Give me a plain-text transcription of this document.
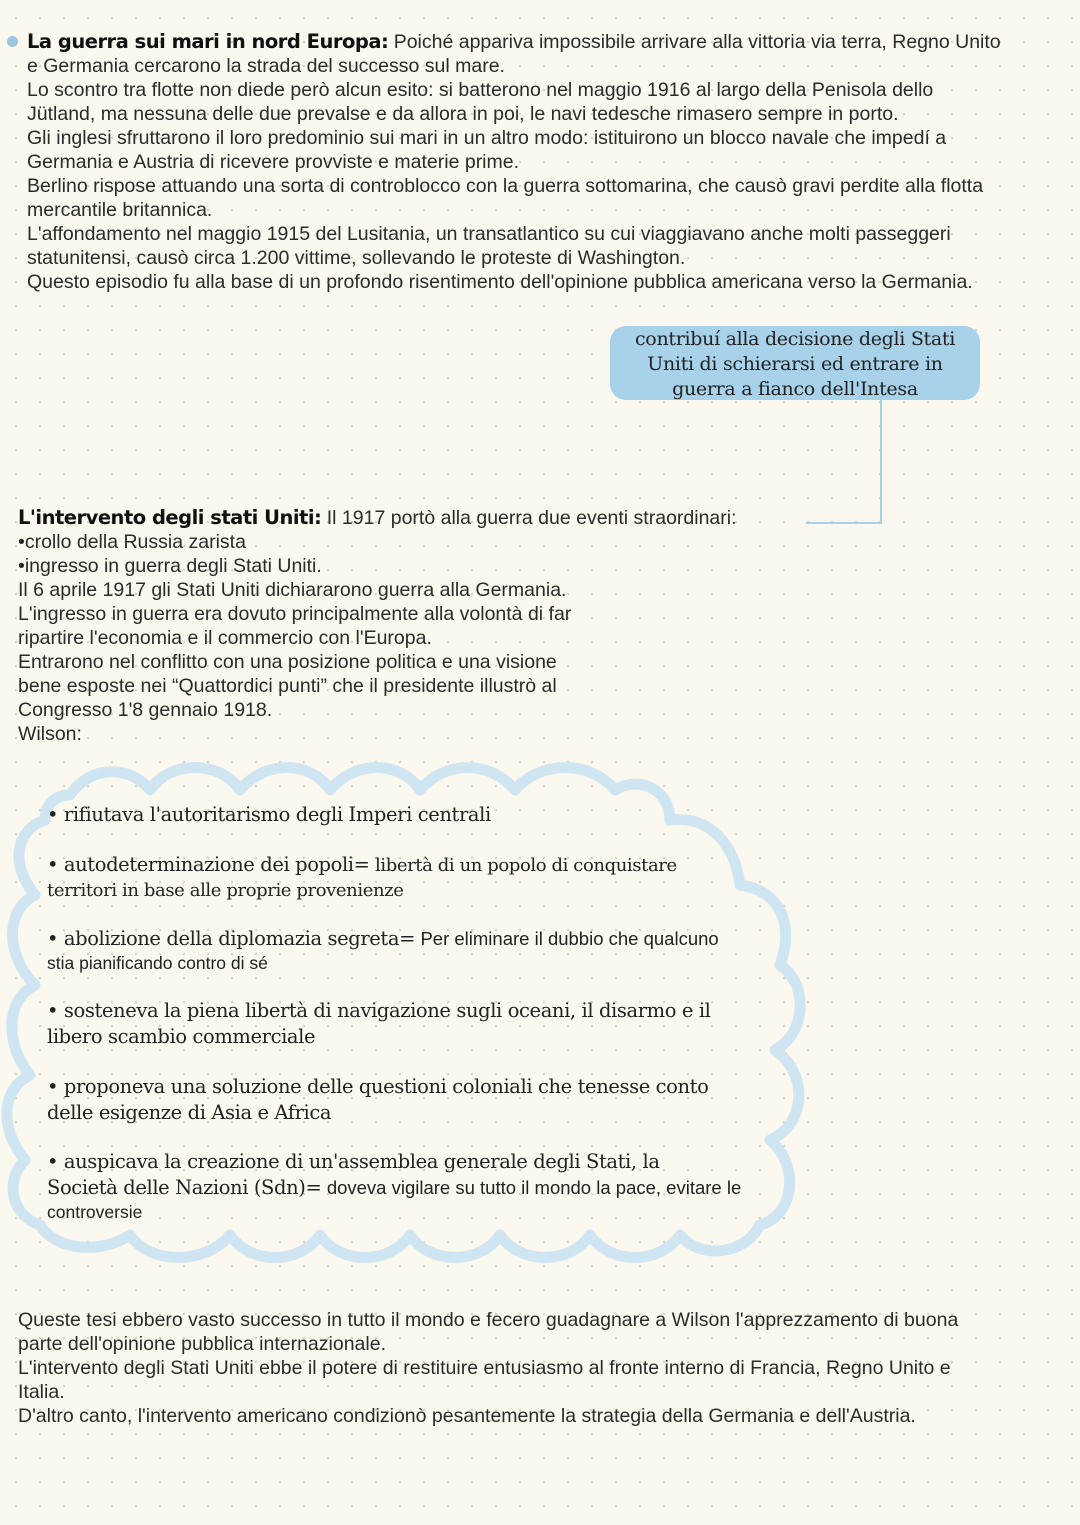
La guerra sui mari in nord Europa: Poiché appariva impossibile arrivare alla vittoria via terra, Regno Unito
e Germania cercarono la strada del successo sul mare.
Lo scontro tra flotte non diede però alcun esito: si batterono nel maggio 1916 al largo della Penisola dello
Jütland, ma nessuna delle due prevalse e da allora in poi, le navi tedesche rimasero sempre in porto.
Gli inglesi sfruttarono il loro predominio sui mari in un altro modo: istituirono un blocco navale che impedí a
Germania e Austria di ricevere provviste e materie prime.
Berlino rispose attuando una sorta di controblocco con la guerra sottomarina, che causò gravi perdite alla flotta
mercantile britannica.
L'affondamento nel maggio 1915 del Lusitania, un transatlantico su cui viaggiavano anche molti passeggeri
statunitensi, causò circa 1.200 vittime, sollevando le proteste di Washington.
Questo episodio fu alla base di un profondo risentimento dell'opinione pubblica americana verso la Germania.
contribuí alla decisione degli Stati
Uniti di schierarsi ed entrare in
guerra a fianco dell'Intesa
L'intervento degli stati Uniti: Il 1917 portò alla guerra due eventi straordinari:
•crollo della Russia zarista
•ingresso in guerra degli Stati Uniti.
Il 6 aprile 1917 gli Stati Uniti dichiararono guerra alla Germania.
L'ingresso in guerra era dovuto principalmente alla volontà di far
ripartire l'economia e il commercio con l'Europa.
Entrarono nel conflitto con una posizione politica e una visione
bene esposte nei “Quattordici punti” che il presidente illustrò al
Congresso 1'8 gennaio 1918.
Wilson:
• rifiutava l'autoritarismo degli Imperi centrali
• autodeterminazione dei popoli= libertà di un popolo di conquistare
territori in base alle proprie provenienze
• abolizione della diplomazia segreta= Per eliminare il dubbio che qualcuno
stia pianificando contro di sé
• sosteneva la piena libertà di navigazione sugli oceani, il disarmo e il
libero scambio commerciale
• proponeva una soluzione delle questioni coloniali che tenesse conto
delle esigenze di Asia e Africa
• auspicava la creazione di un'assemblea generale degli Stati, la
Società delle Nazioni (Sdn)= doveva vigilare su tutto il mondo la pace, evitare le
controversie
Queste tesi ebbero vasto successo in tutto il mondo e fecero guadagnare a Wilson l'apprezzamento di buona
parte dell'opinione pubblica internazionale.
L'intervento degli Stati Uniti ebbe il potere di restituire entusiasmo al fronte interno di Francia, Regno Unito e
Italia.
D'altro canto, l'intervento americano condizionò pesantemente la strategia della Germania e dell'Austria.
